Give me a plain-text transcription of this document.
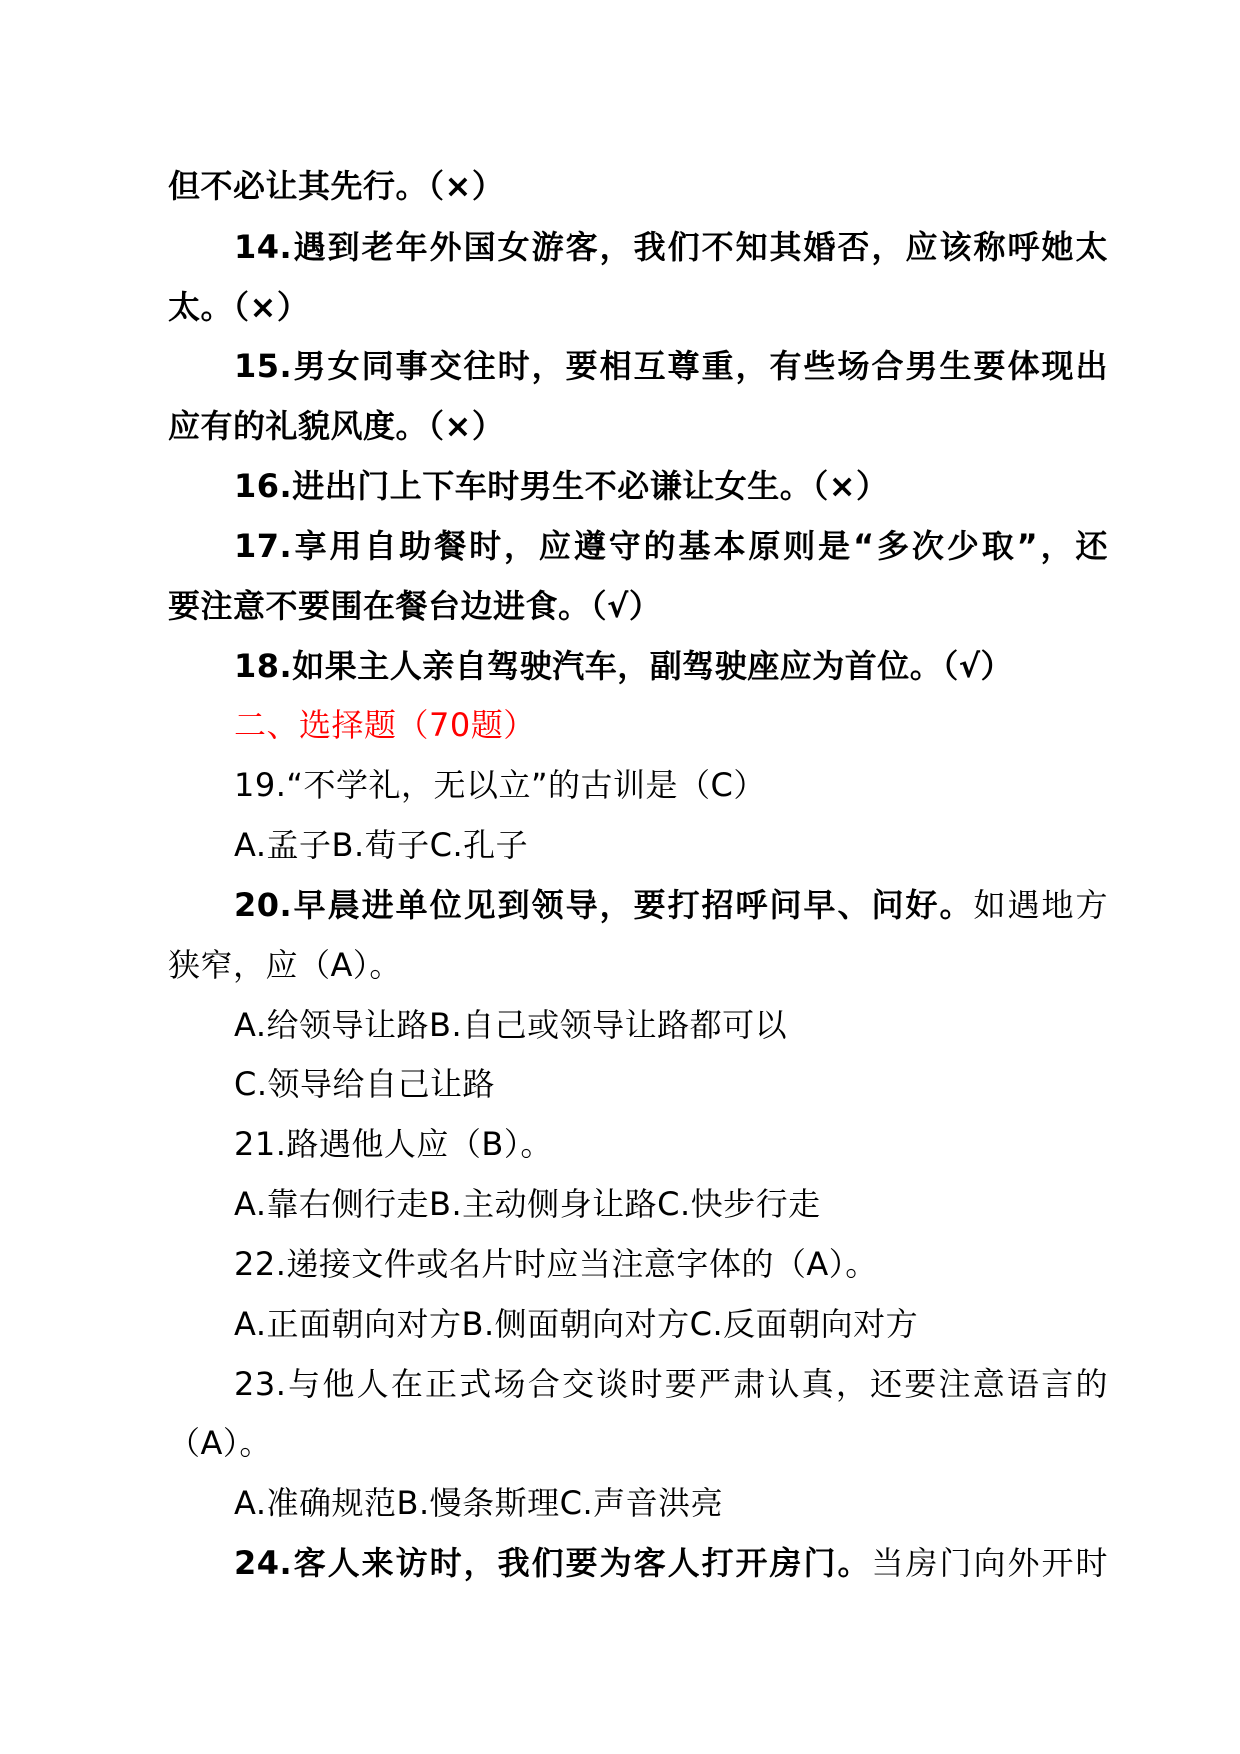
但不必让其先行。（×）
14.遇到老年外国女游客，我们不知其婚否，应该称呼她太
太。（×）
15.男女同事交往时，要相互尊重，有些场合男生要体现出
应有的礼貌风度。（×）
16.进出门上下车时男生不必谦让女生。（×）
17.享用自助餐时，应遵守的基本原则是“多次少取”，还
要注意不要围在餐台边进食。（√）
18.如果主人亲自驾驶汽车，副驾驶座应为首位。（√）
二、选择题（70题）
19.“不学礼，无以立”的古训是（C）
A.孟子B.荀子C.孔子
20.早晨进单位见到领导，要打招呼问早、问好。如遇地方
狭窄，应（A）。
A.给领导让路B.自己或领导让路都可以
C.领导给自己让路
21.路遇他人应（B）。
A.靠右侧行走B.主动侧身让路C.快步行走
22.递接文件或名片时应当注意字体的（A）。
A.正面朝向对方B.侧面朝向对方C.反面朝向对方
23.与他人在正式场合交谈时要严肃认真，还要注意语言的
（A）。
A.准确规范B.慢条斯理C.声音洪亮
24.客人来访时，我们要为客人打开房门。当房门向外开时
